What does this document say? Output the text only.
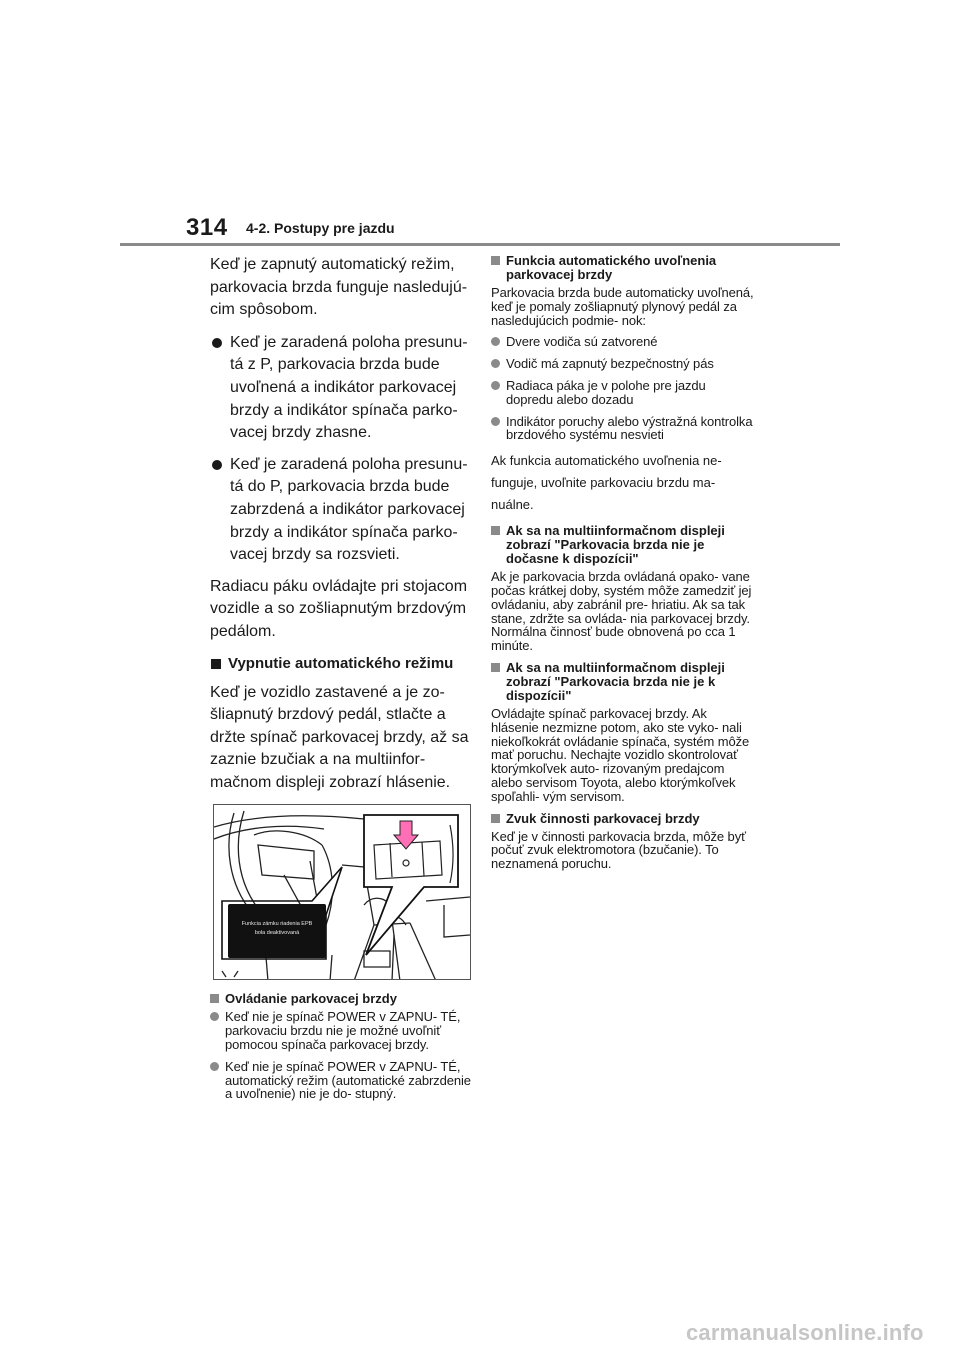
314 4-2. Postupy pre jazdu

Keď je zapnutý automatický režim, parkovacia brzda funguje nasledujú- cim spôsobom.

Keď je zaradená poloha presunu- tá z P, parkovacia brzda bude uvoľnená a indikátor parkovacej brzdy a indikátor spínača parko- vacej brzdy zhasne.
Keď je zaradená poloha presunu- tá do P, parkovacia brzda bude zabrzdená a indikátor parkovacej brzdy a indikátor spínača parko- vacej brzdy sa rozsvieti.

Radiacu páku ovládajte pri stojacom vozidle a so zošliapnutým brzdovým pedálom.

Vypnutie automatického režimu

Keď je vozidlo zastavené a je zo- šliapnutý brzdový pedál, stlačte a držte spínač parkovacej brzdy, až sa zaznie bzučiak a na multiinfor- mačnom displeji zobrazí hlásenie.

Funkcia zámku riadenia EPB
bola deaktivovaná
Ovládanie parkovacej brzdy
Keď nie je spínač POWER v ZAPNU- TÉ, parkovaciu brzdu nie je možné uvoľniť pomocou spínača parkovacej brzdy.
Keď nie je spínač POWER v ZAPNU- TÉ, automatický režim (automatické zabrzdenie a uvoľnenie) nie je do- stupný.
Funkcia automatického uvoľnenia parkovacej brzdy

Parkovacia brzda bude automaticky uvoľnená, keď je pomaly zošliapnutý plynový pedál za nasledujúcich podmie- nok:

Dvere vodiča sú zatvorené
Vodič má zapnutý bezpečnostný pás
Radiaca páka je v polohe pre jazdu dopredu alebo dozadu
Indikátor poruchy alebo výstražná kontrolka brzdového systému nesvieti

Ak funkcia automatického uvoľnenia ne- funguje, uvoľnite parkovaciu brzdu ma- nuálne.

Ak sa na multiinformačnom displeji zobrazí "Parkovacia brzda nie je dočasne k dispozícii"

Ak je parkovacia brzda ovládaná opako- vane počas krátkej doby, systém môže zamedziť jej ovládaniu, aby zabránil pre- hriatiu. Ak sa tak stane, zdržte sa ovláda- nia parkovacej brzdy. Normálna činnosť bude obnovená po cca 1 minúte.

Ak sa na multiinformačnom displeji zobrazí "Parkovacia brzda nie je k dispozícii"

Ovládajte spínač parkovacej brzdy. Ak hlásenie nezmizne potom, ako ste vyko- nali niekoľkokrát ovládanie spínača, systém môže mať poruchu. Nechajte vozidlo skontrolovať ktorýmkoľvek auto- rizovaným predajcom alebo servisom Toyota, alebo ktorýmkoľvek spoľahli- vým servisom.

Zvuk činnosti parkovacej brzdy

Keď je v činnosti parkovacia brzda, môže byť počuť zvuk elektromotora (bzučanie). To neznamená poruchu.

carmanualsonline.info
